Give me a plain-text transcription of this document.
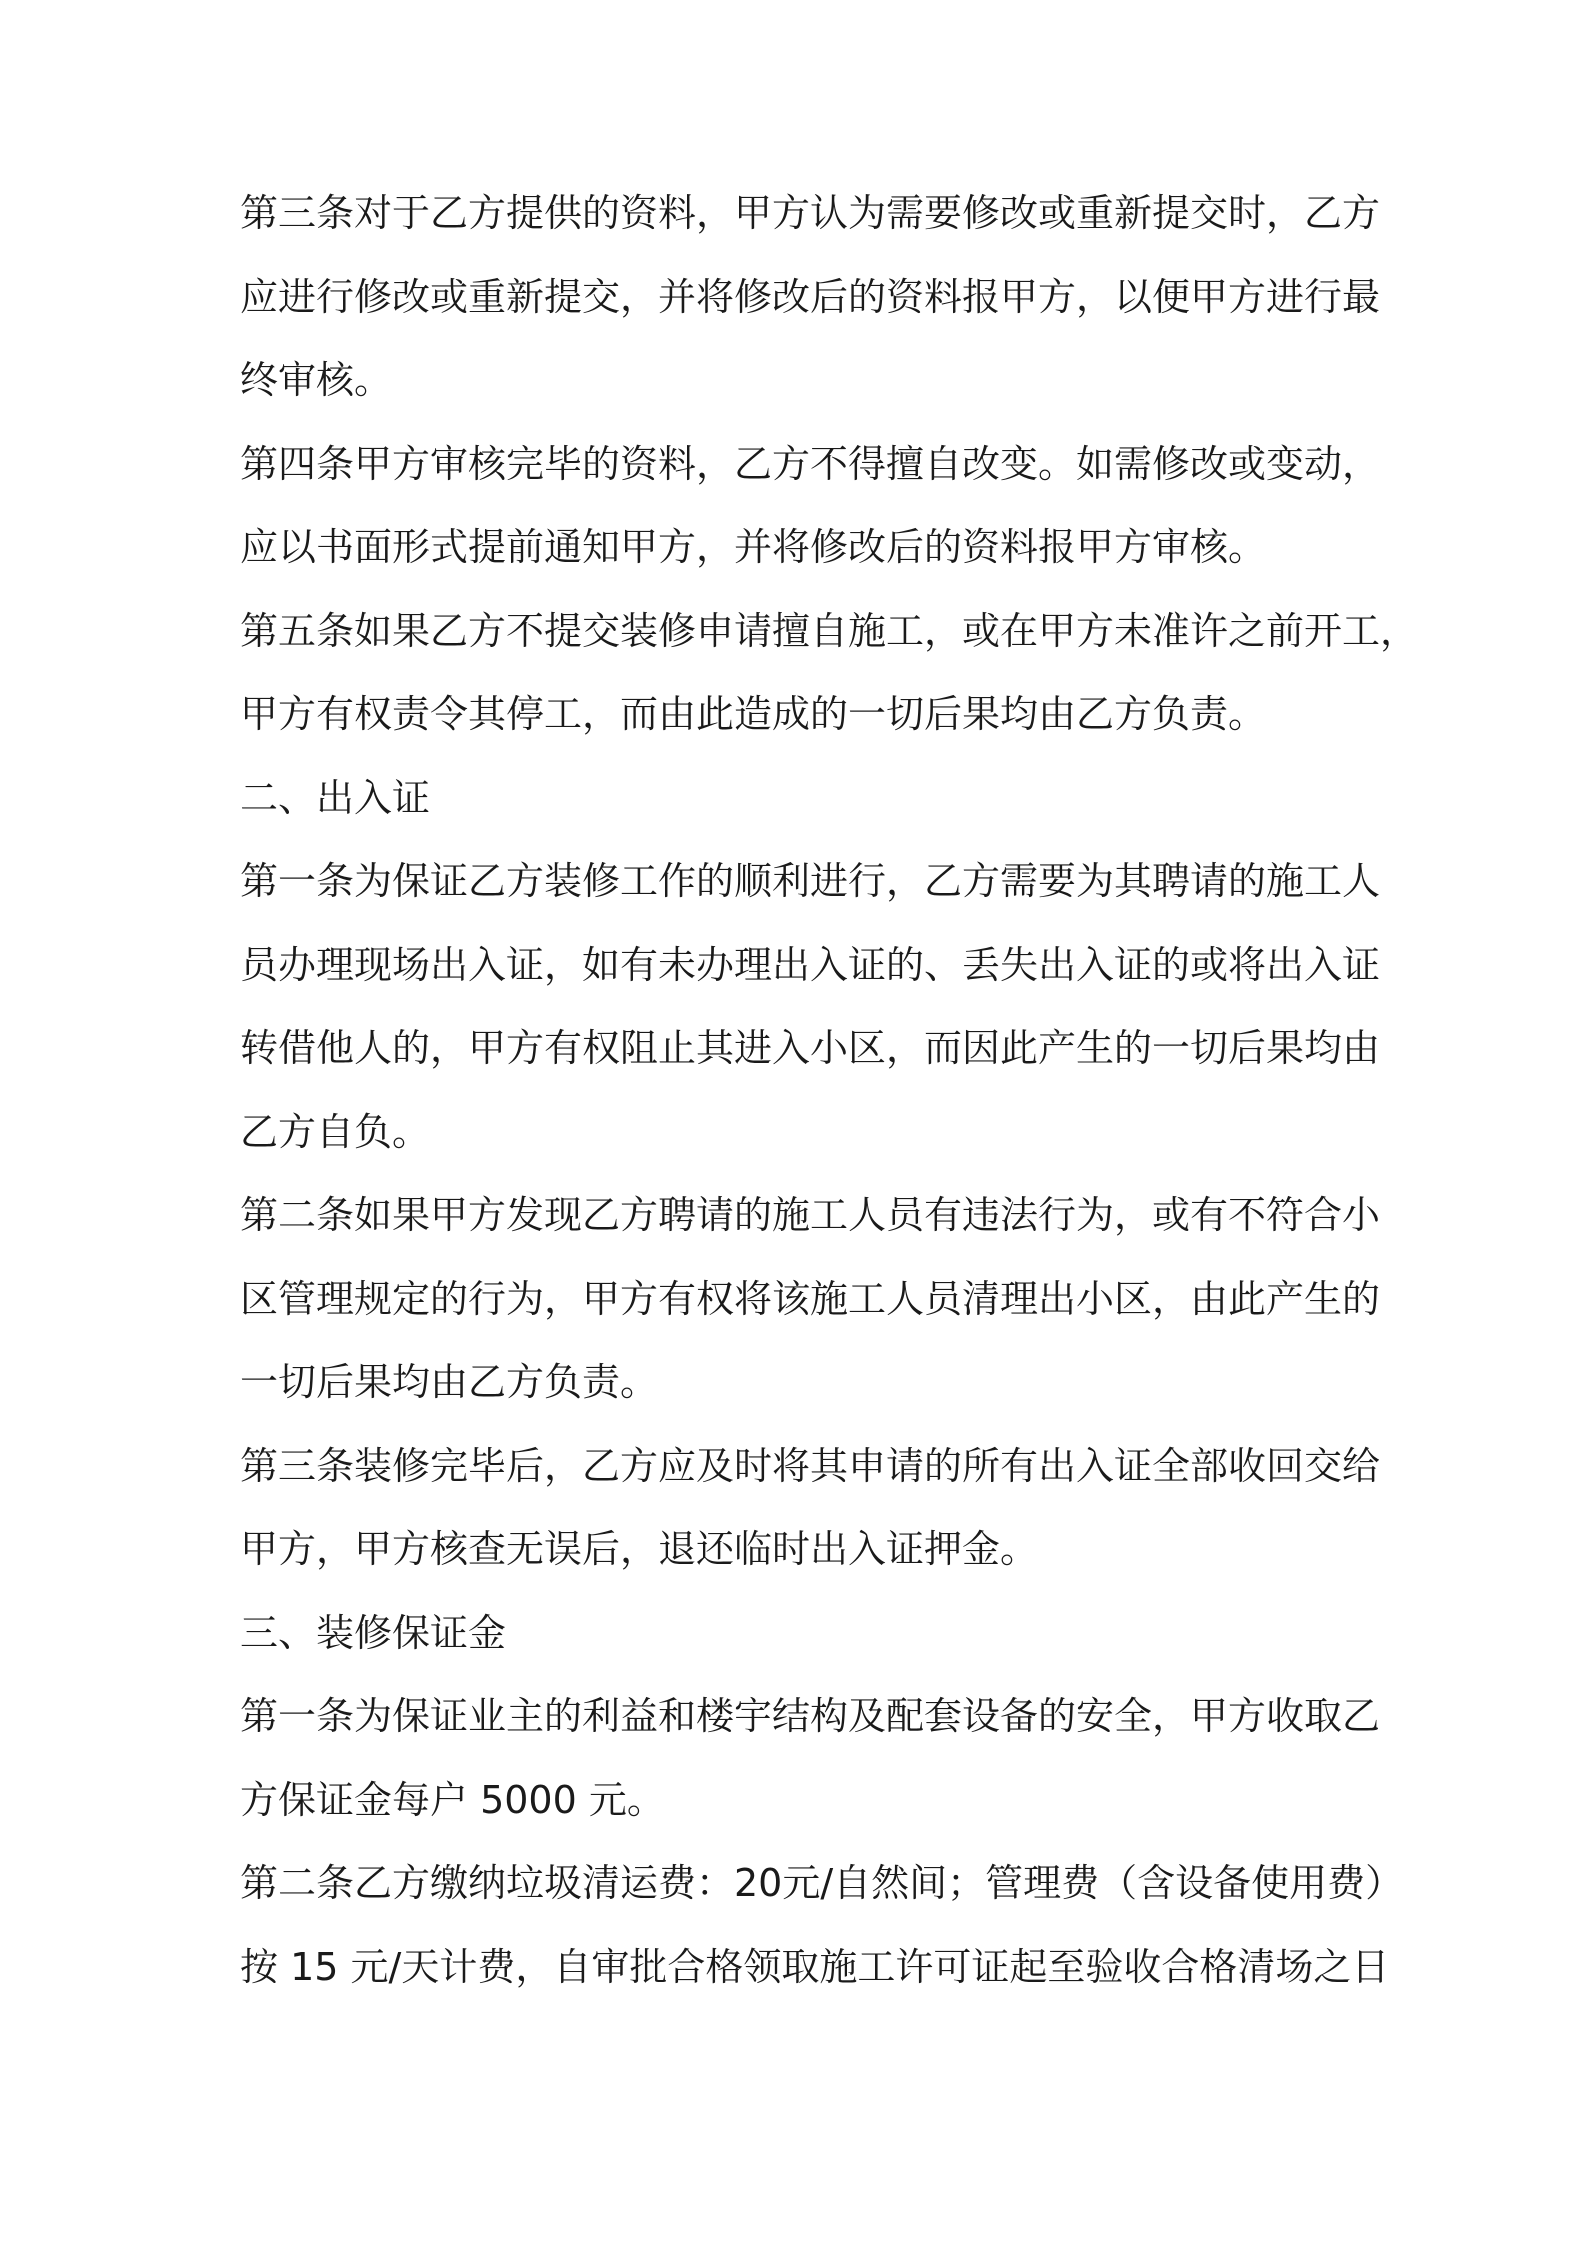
第三条对于乙方提供的资料，甲方认为需要修改或重新提交时，乙方
应进行修改或重新提交，并将修改后的资料报甲方，以便甲方进行最
终审核。
第四条甲方审核完毕的资料，乙方不得擅自改变。如需修改或变动，
应以书面形式提前通知甲方，并将修改后的资料报甲方审核。
第五条如果乙方不提交装修申请擅自施工，或在甲方未准许之前开工，
甲方有权责令其停工，而由此造成的一切后果均由乙方负责。
二、出入证
第一条为保证乙方装修工作的顺利进行，乙方需要为其聘请的施工人
员办理现场出入证，如有未办理出入证的、丢失出入证的或将出入证
转借他人的，甲方有权阻止其进入小区，而因此产生的一切后果均由
乙方自负。
第二条如果甲方发现乙方聘请的施工人员有违法行为，或有不符合小
区管理规定的行为，甲方有权将该施工人员清理出小区，由此产生的
一切后果均由乙方负责。
第三条装修完毕后，乙方应及时将其申请的所有出入证全部收回交给
甲方，甲方核查无误后，退还临时出入证押金。
三、装修保证金
第一条为保证业主的利益和楼宇结构及配套设备的安全，甲方收取乙
方保证金每户 5000 元。
第二条乙方缴纳垃圾清运费：20元/自然间；管理费（含设备使用费）
按 15 元/天计费，自审批合格领取施工许可证起至验收合格清场之日
